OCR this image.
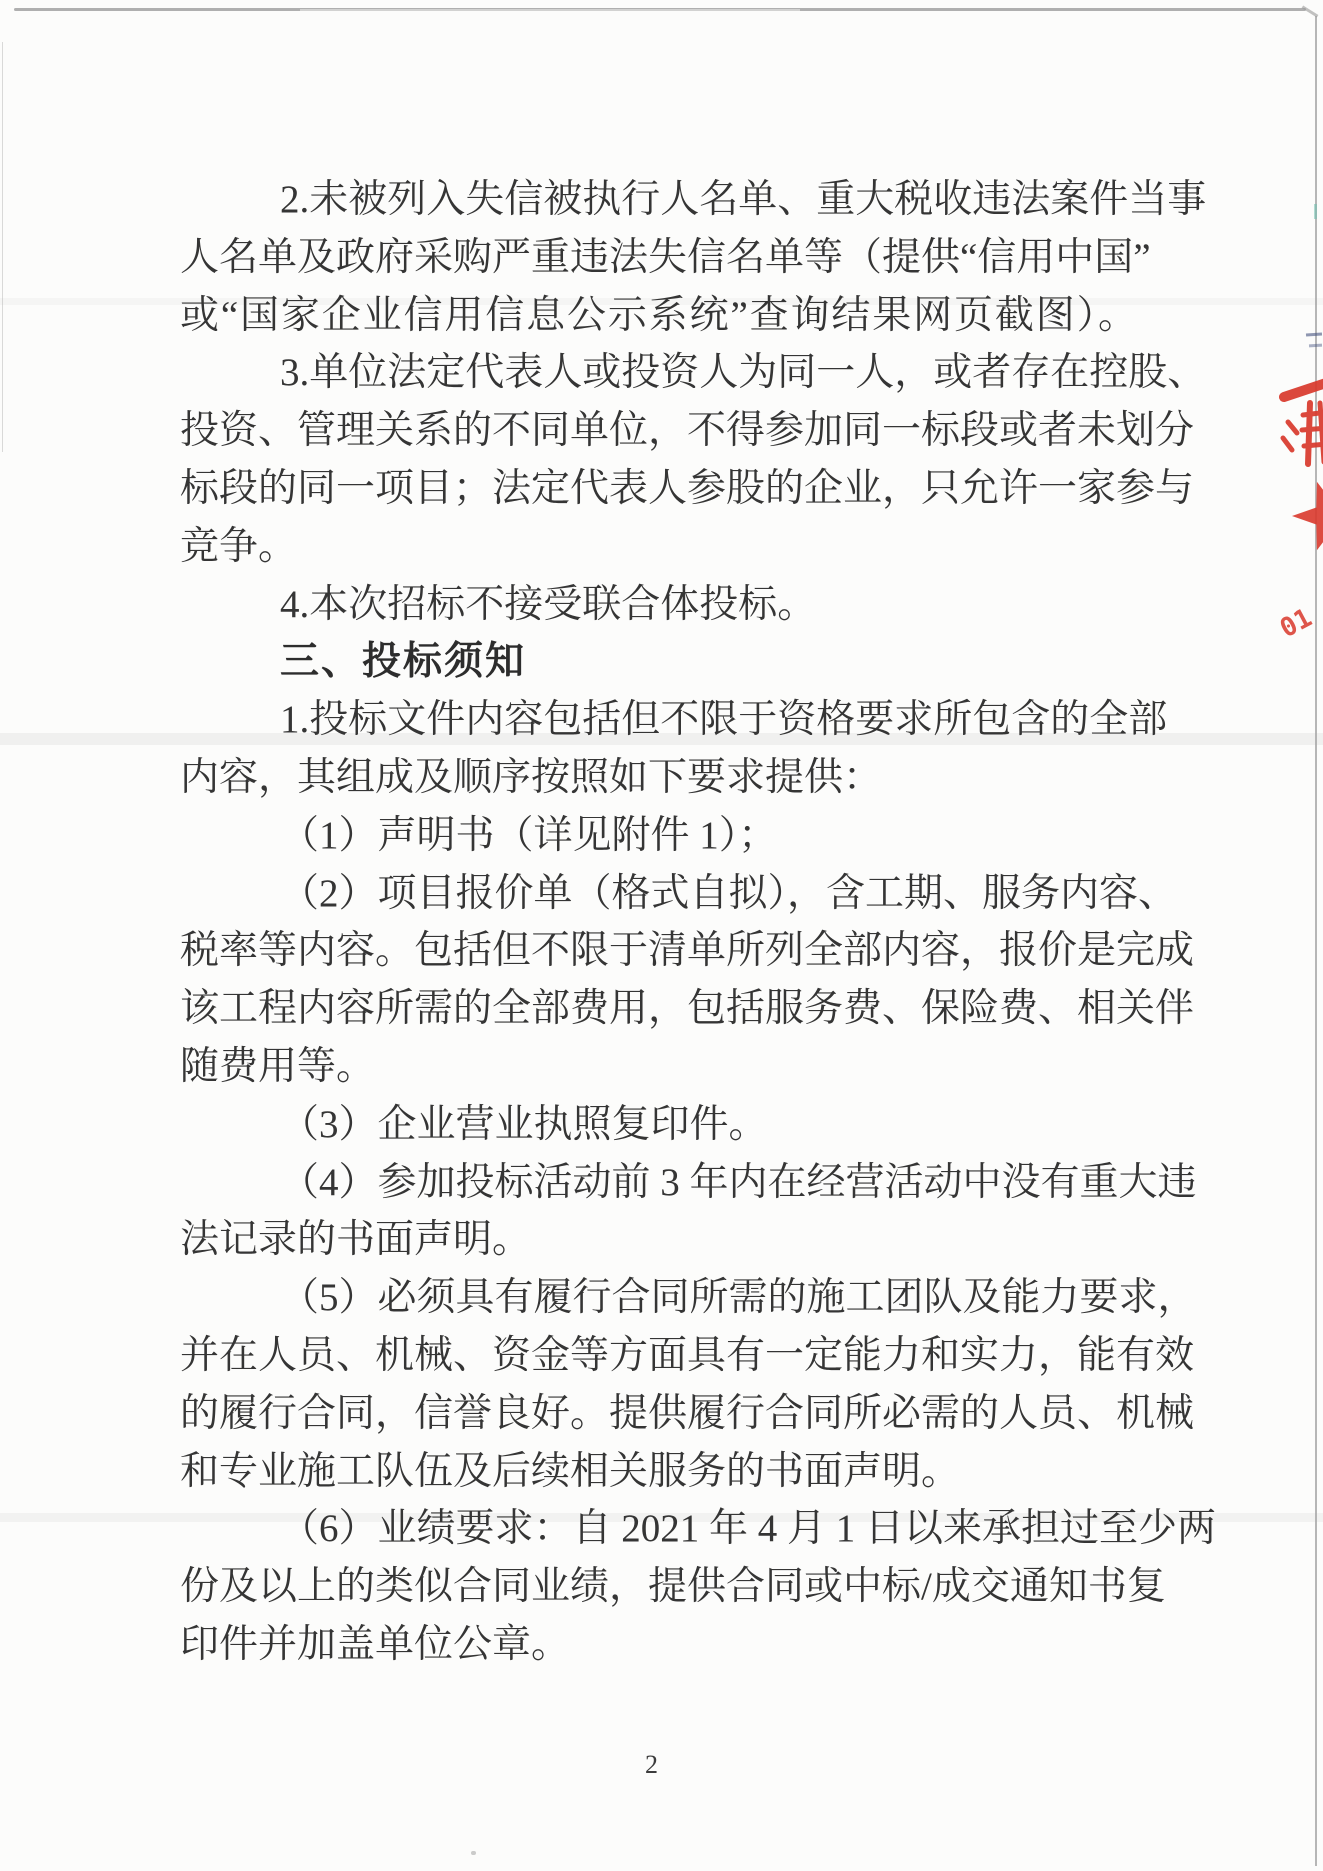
2.未被列入失信被执行人名单、重大税收违法案件当事
人名单及政府采购严重违法失信名单等（提供“信用中国”
或“国家企业信用信息公示系统”查询结果网页截图）。
3.单位法定代表人或投资人为同一人，或者存在控股、
投资、管理关系的不同单位，不得参加同一标段或者未划分
标段的同一项目；法定代表人参股的企业，只允许一家参与
竞争。
4.本次招标不接受联合体投标。
三、投标须知
1.投标文件内容包括但不限于资格要求所包含的全部
内容，其组成及顺序按照如下要求提供：
（1）声明书（详见附件 1）；
（2）项目报价单（格式自拟），含工期、服务内容、
税率等内容。包括但不限于清单所列全部内容，报价是完成
该工程内容所需的全部费用，包括服务费、保险费、相关伴
随费用等。
（3）企业营业执照复印件。
（4）参加投标活动前 3 年内在经营活动中没有重大违
法记录的书面声明。
（5）必须具有履行合同所需的施工团队及能力要求，
并在人员、机械、资金等方面具有一定能力和实力，能有效
的履行合同，信誉良好。提供履行合同所必需的人员、机械
和专业施工队伍及后续相关服务的书面声明。
（6）业绩要求：自 2021 年 4 月 1 日以来承担过至少两
份及以上的类似合同业绩，提供合同或中标/成交通知书复
印件并加盖单位公章。
2
01
